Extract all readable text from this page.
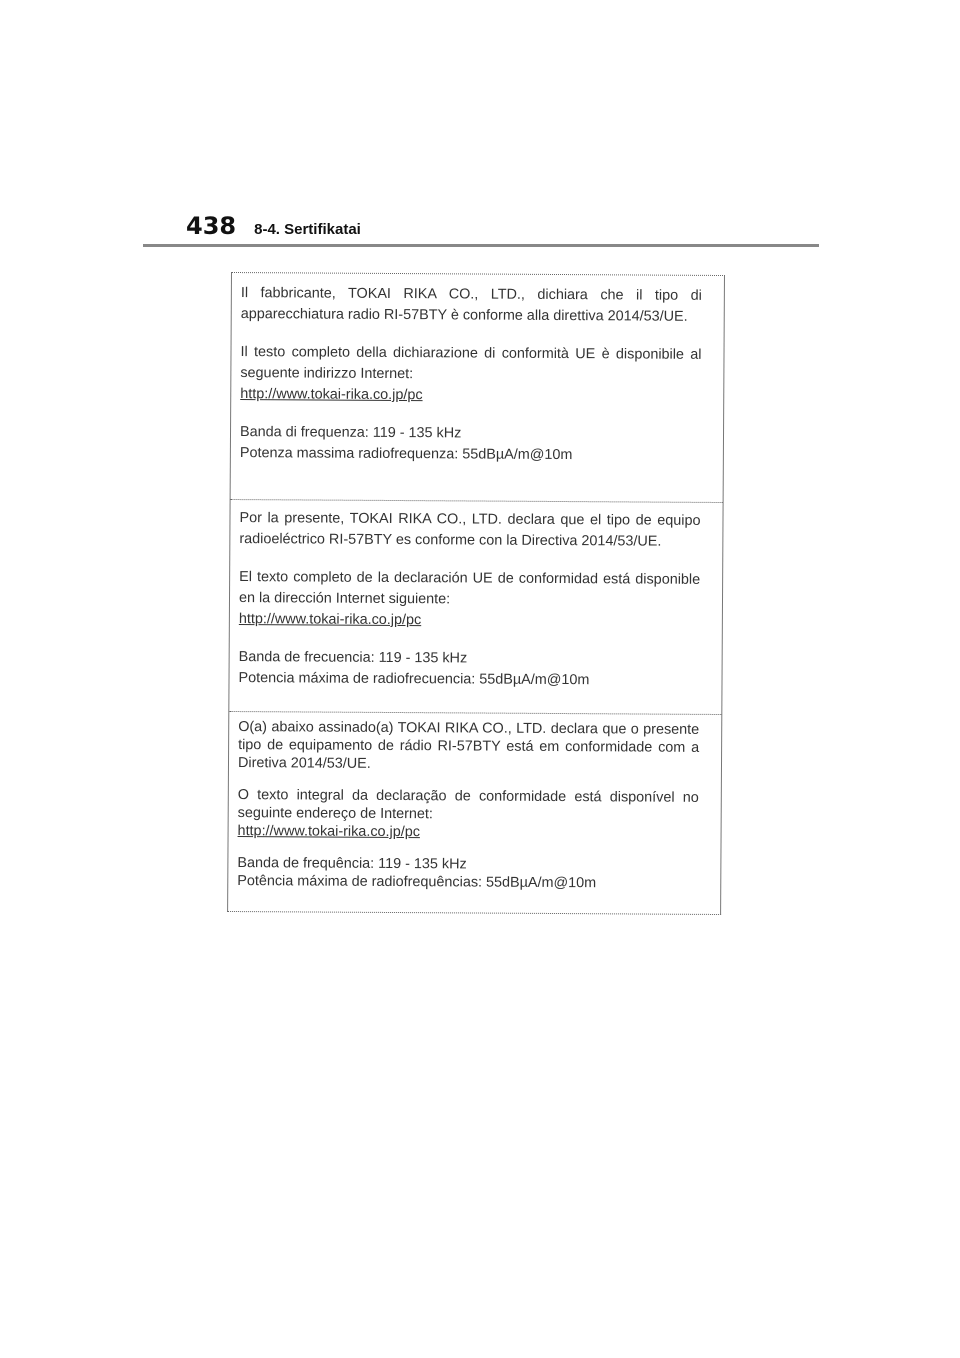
438 8-4. Sertifikatai

Il fabbricante, TOKAI RIKA CO., LTD., dichiara che il tipo di apparecchiatura radio RI-57BTY è conforme alla direttiva 2014/53/UE.

Il testo completo della dichiarazione di conformità UE è disponibile al seguente indirizzo Internet:

http://www.tokai-rika.co.jp/pc

Banda di frequenza: 119 - 135 kHz

Potenza massima radiofrequenza: 55dBµA/m@10m

Por la presente, TOKAI RIKA CO., LTD. declara que el tipo de equipo radioeléctrico RI-57BTY es conforme con la Directiva 2014/53/UE.

El texto completo de la declaración UE de conformidad está disponible en la dirección Internet siguiente:

http://www.tokai-rika.co.jp/pc

Banda de frecuencia: 119 - 135 kHz

Potencia máxima de radiofrecuencia: 55dBµA/m@10m

O(a) abaixo assinado(a) TOKAI RIKA CO., LTD. declara que o presente tipo de equipamento de rádio RI-57BTY está em conformidade com a Diretiva 2014/53/UE.

O texto integral da declaração de conformidade está disponível no seguinte endereço de Internet:

http://www.tokai-rika.co.jp/pc

Banda de frequência: 119 - 135 kHz

Potência máxima de radiofrequências: 55dBµA/m@10m
